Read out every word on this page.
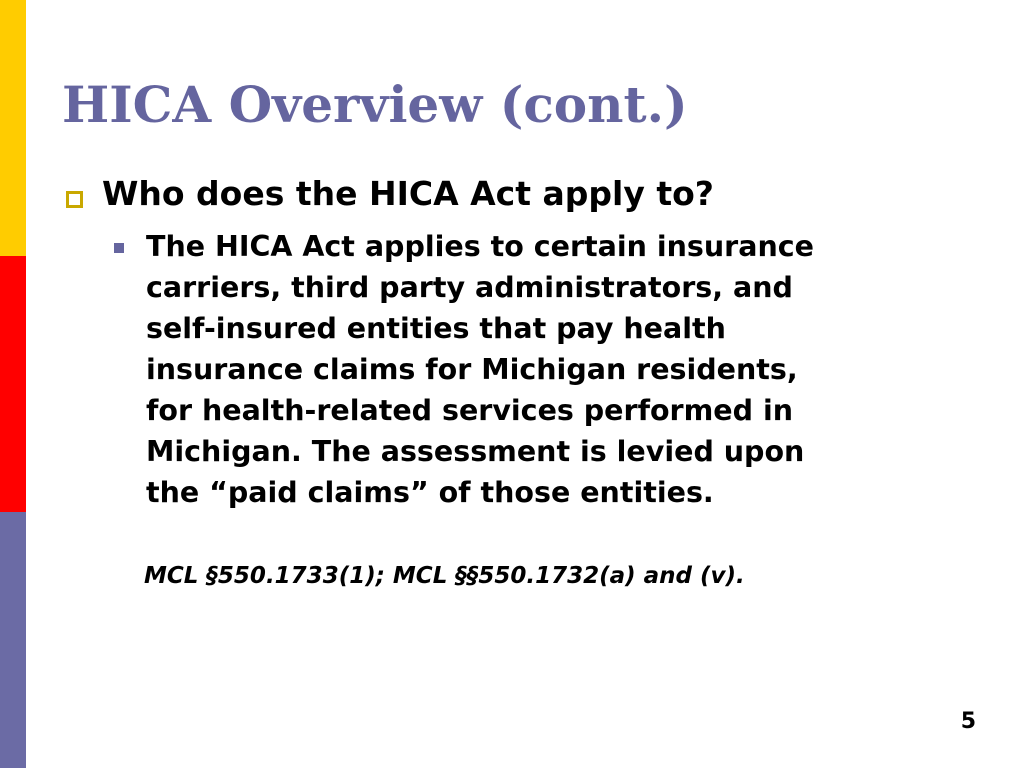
HICA Overview (cont.)
Who does the HICA Act apply to?
The HICA Act applies to certain insurance
carriers, third party administrators, and
self-insured entities that pay health
insurance claims for Michigan residents,
for health-related services performed in
Michigan. The assessment is levied upon
the “paid claims” of those entities.
MCL §550.1733(1); MCL §§550.1732(a) and (v).
5
